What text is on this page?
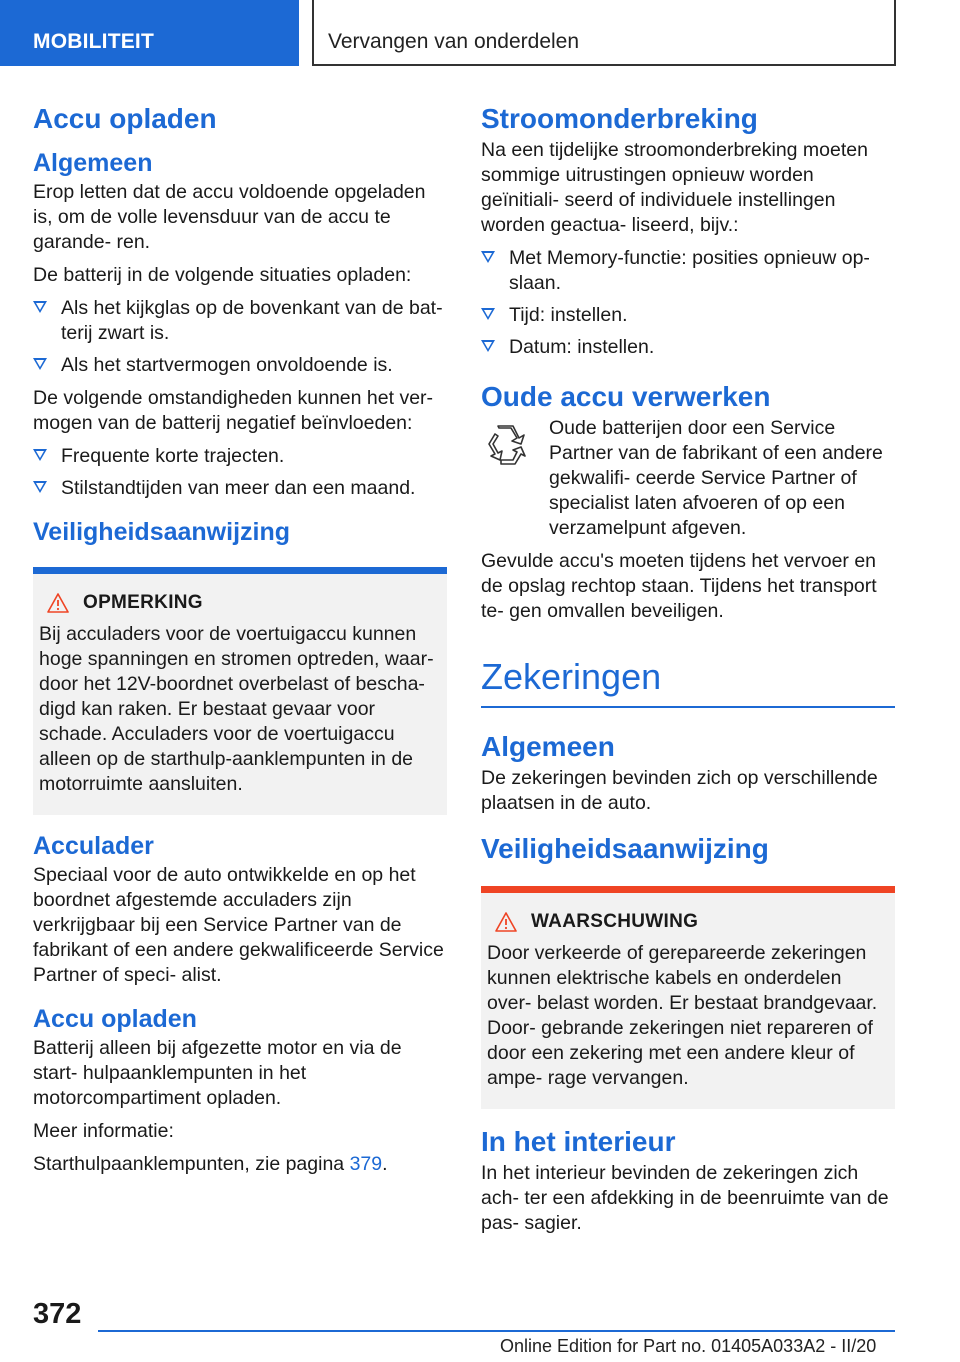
MOBILITEIT	Vervangen van onderdelen
Accu opladen
Algemeen

Erop letten dat de accu voldoende opgeladen is, om de volle levensduur van de accu te garande- ren.

De batterij in de volgende situaties opladen:

Als het kijkglas op de bovenkant van de bat- terij zwart is.
Als het startvermogen onvoldoende is.

De volgende omstandigheden kunnen het ver- mogen van de batterij negatief beïnvloeden:

Frequente korte trajecten.
Stilstandtijden van meer dan een maand.
Veiligheidsaanwijzing
OPMERKING

Bij acculaders voor de voertuigaccu kunnen hoge spanningen en stromen optreden, waar- door het 12V-boordnet overbelast of bescha- digd kan raken. Er bestaat gevaar voor schade. Acculaders voor de voertuigaccu alleen op de starthulp-aanklempunten in de motorruimte aansluiten.

Acculader

Speciaal voor de auto ontwikkelde en op het boordnet afgestemde acculaders zijn verkrijgbaar bij een Service Partner van de fabrikant of een andere gekwalificeerde Service Partner of speci- alist.

Accu opladen

Batterij alleen bij afgezette motor en via de start- hulpaanklempunten in het motorcompartiment opladen.

Meer informatie:

Starthulpaanklempunten, zie pagina 379.

Stroomonderbreking

Na een tijdelijke stroomonderbreking moeten sommige uitrustingen opnieuw worden geïnitiali- seerd of individuele instellingen worden geactua- liseerd, bijv.:

Met Memory-functie: posities opnieuw op- slaan.
Tijd: instellen.
Datum: instellen.
Oude accu verwerken

Oude batterijen door een Service Partner van de fabrikant of een andere gekwalifi- ceerde Service Partner of specialist laten afvoeren of op een verzamelpunt afgeven.

Gevulde accu's moeten tijdens het vervoer en de opslag rechtop staan. Tijdens het transport te- gen omvallen beveiligen.

Zekeringen
Algemeen

De zekeringen bevinden zich op verschillende plaatsen in de auto.

Veiligheidsaanwijzing
WAARSCHUWING

Door verkeerde of gerepareerde zekeringen kunnen elektrische kabels en onderdelen over- belast worden. Er bestaat brandgevaar. Door- gebrande zekeringen niet repareren of door een zekering met een andere kleur of ampe- rage vervangen.

In het interieur

In het interieur bevinden de zekeringen zich ach- ter een afdekking in de beenruimte van de pas- sagier.

372
Online Edition for Part no. 01405A033A2 - II/20
